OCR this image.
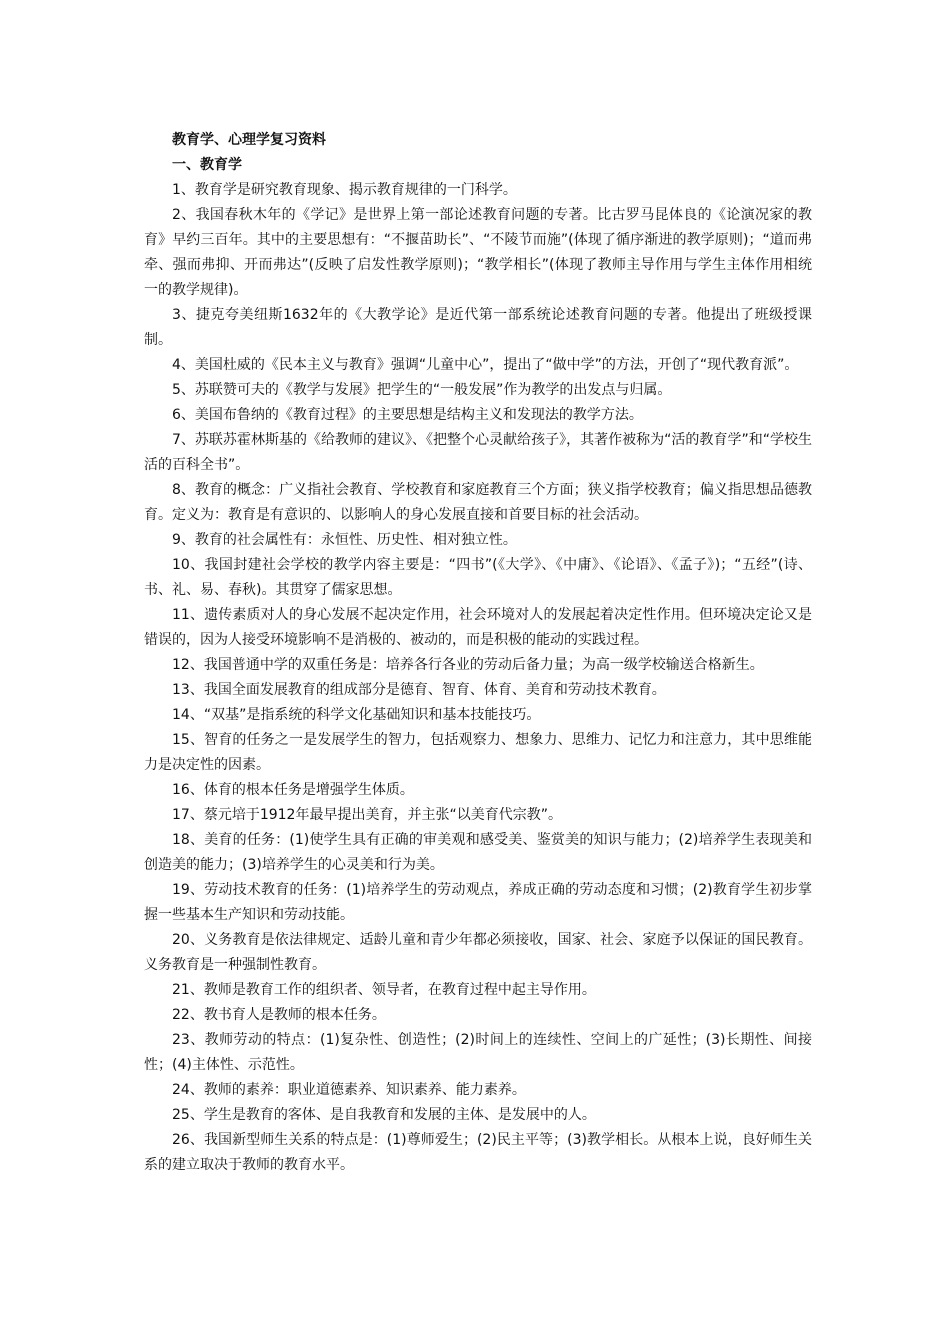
教育学、心理学复习资料

一、教育学

1、教育学是研究教育现象、揭示教育规律的一门科学。

2、我国春秋木年的《学记》是世界上第一部论述教育问题的专著。比古罗马昆体良的《论演况家的教育》早约三百年。其中的主要思想有：“不揠苗助长”、“不陵节而施”(体现了循序渐进的教学原则)；“道而弗牵、强而弗抑、开而弗达”(反映了启发性教学原则)；“教学相长”(体现了教师主导作用与学生主体作用相统一的教学规律)。

3、捷克夸美纽斯1632年的《大教学论》是近代第一部系统论述教育问题的专著。他提出了班级授课制。

4、美国杜威的《民本主义与教育》强调“儿童中心”，提出了“做中学”的方法，开创了“现代教育派”。

5、苏联赞可夫的《教学与发展》把学生的“一般发展”作为教学的出发点与归属。

6、美国布鲁纳的《教育过程》的主要思想是结构主义和发现法的教学方法。

7、苏联苏霍林斯基的《给教师的建议》、《把整个心灵献给孩子》，其著作被称为“活的教育学”和“学校生活的百科全书”。

8、教育的概念：广义指社会教育、学校教育和家庭教育三个方面；狭义指学校教育；偏义指思想品德教育。定义为：教育是有意识的、以影响人的身心发展直接和首要目标的社会活动。

9、教育的社会属性有：永恒性、历史性、相对独立性。

10、我国封建社会学校的教学内容主要是：“四书”(《大学》、《中庸》、《论语》、《孟子》)；“五经”(诗、书、礼、易、春秋)。其贯穿了儒家思想。

11、遗传素质对人的身心发展不起决定作用，社会环境对人的发展起着决定性作用。但环境决定论又是错误的，因为人接受环境影响不是消极的、被动的，而是积极的能动的实践过程。

12、我国普通中学的双重任务是：培养各行各业的劳动后备力量；为高一级学校输送合格新生。

13、我国全面发展教育的组成部分是德育、智育、体育、美育和劳动技术教育。

14、“双基”是指系统的科学文化基础知识和基本技能技巧。

15、智育的任务之一是发展学生的智力，包括观察力、想象力、思维力、记忆力和注意力，其中思维能力是决定性的因素。

16、体育的根本任务是增强学生体质。

17、蔡元培于1912年最早提出美育，并主张“以美育代宗教”。

18、美育的任务：(1)使学生具有正确的审美观和感受美、鉴赏美的知识与能力；(2)培养学生表现美和创造美的能力；(3)培养学生的心灵美和行为美。

19、劳动技术教育的任务：(1)培养学生的劳动观点，养成正确的劳动态度和习惯；(2)教育学生初步掌握一些基本生产知识和劳动技能。

20、义务教育是依法律规定、适龄儿童和青少年都必须接收，国家、社会、家庭予以保证的国民教育。义务教育是一种强制性教育。

21、教师是教育工作的组织者、领导者，在教育过程中起主导作用。

22、教书育人是教师的根本任务。

23、教师劳动的特点：(1)复杂性、创造性；(2)时间上的连续性、空间上的广延性；(3)长期性、间接性；(4)主体性、示范性。

24、教师的素养：职业道德素养、知识素养、能力素养。

25、学生是教育的客体、是自我教育和发展的主体、是发展中的人。

26、我国新型师生关系的特点是：(1)尊师爱生；(2)民主平等；(3)教学相长。从根本上说，良好师生关系的建立取决于教师的教育水平。
